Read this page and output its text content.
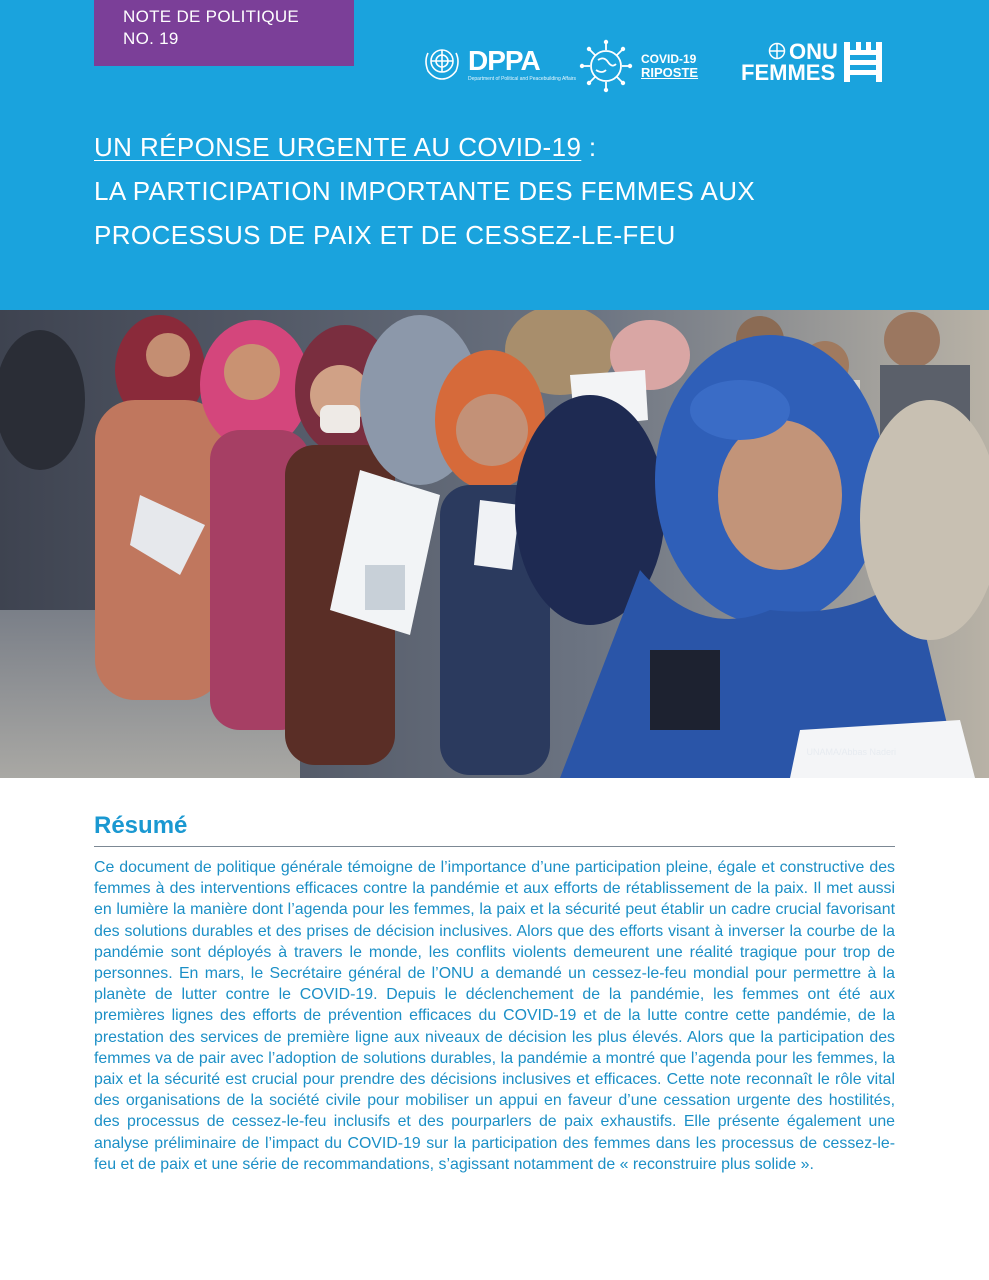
NOTE DE POLITIQUE
NO. 19
DPPA
Department of Political and Peacebuilding Affairs
COVID-19
RIPOSTE
ONU
FEMMES
UN RÉPONSE URGENTE AU COVID-19 :
LA PARTICIPATION IMPORTANTE DES FEMMES AUX
PROCESSUS DE PAIX ET DE CESSEZ-LE-FEU
UNAMA/Abbas Naderi
Résumé
Ce document de politique générale témoigne de l’importance d’une participation pleine, égale et constructive des femmes à des interventions efficaces contre la pandémie et aux efforts de rétablissement de la paix. Il met aussi en lumière la manière dont l’agenda pour les femmes, la paix et la sécurité peut établir un cadre crucial favorisant des solutions durables et des prises de décision inclusives. Alors que des efforts visant à inverser la courbe de la pandémie sont déployés à travers le monde, les conflits violents demeurent une réalité tragique pour trop de personnes. En mars, le Secrétaire général de l’ONU a demandé un cessez-le-feu mondial pour permettre à la planète de lutter contre le COVID-19. Depuis le déclenchement de la pandémie, les femmes ont été aux premières lignes des efforts de prévention efficaces du COVID-19 et de la lutte contre cette pandémie, de la prestation des services de première ligne aux niveaux de décision les plus élevés. Alors que la participation des femmes va de pair avec l’adoption de solutions durables, la pandémie a montré que l’agenda pour les femmes, la paix et la sécurité est crucial pour prendre des décisions inclusives et efficaces. Cette note reconnaît le rôle vital des organisations de la société civile pour mobiliser un appui en faveur d’une cessation urgente des hostilités, des processus de cessez-le-feu inclusifs et des pourparlers de paix exhaustifs. Elle présente également une analyse préliminaire de l’impact du COVID-19 sur la participation des femmes dans les processus de cessez-le-feu et de paix et une série de recommandations, s’agissant notamment de « reconstruire plus solide ».
